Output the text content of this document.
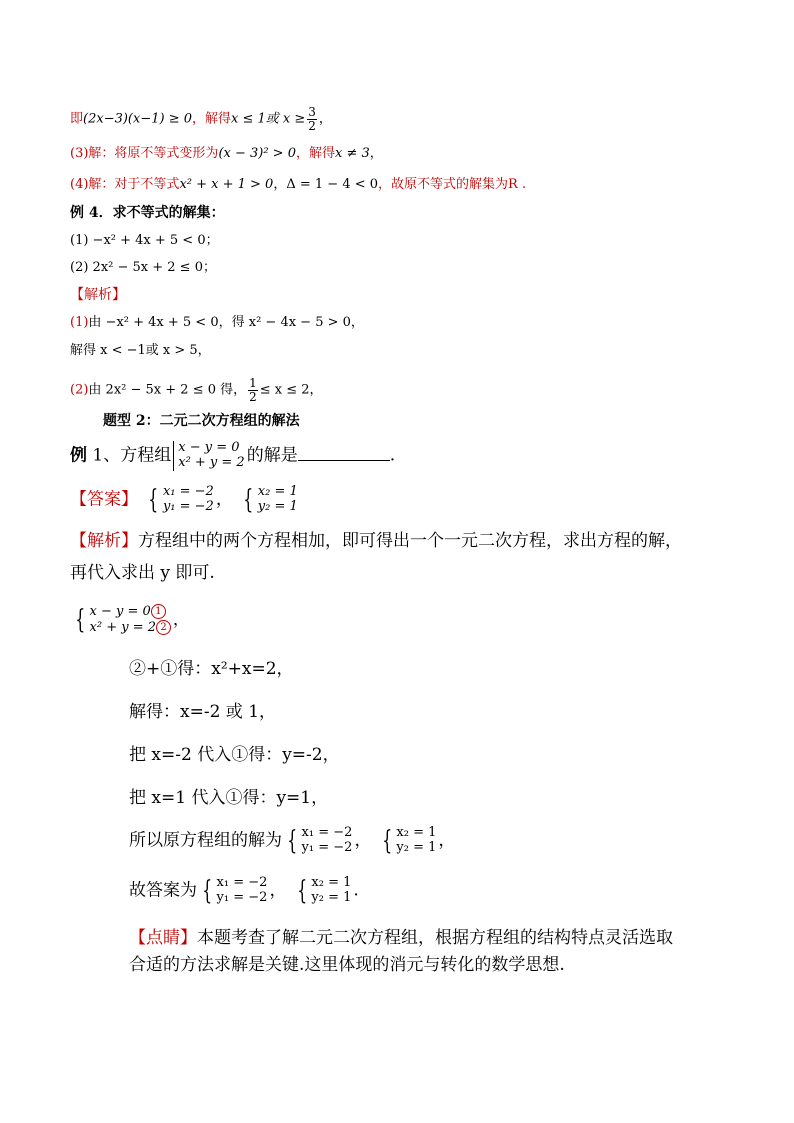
即(2x−3)(x−1) ≥ 0，解得x ≤ 1或 $x \ge \frac{3}{2}$ ，
(3)解：将原不等式变形为(x − 3)² > 0，解得x ≠ 3，
(4)解：对于不等式x² + x + 1 > 0，Δ = 1 − 4 < 0，故原不等式的解集为R .
例 4．求不等式的解集：
(1) −x² + 4x + 5 < 0；
(2) 2x² − 5x + 2 ≤ 0；
【解析】
(1)由 −x² + 4x + 5 < 0，得 x² − 4x − 5 > 0，
解得 x < −1或 x > 5，
(2)由 2x² − 5x + 2 ≤ 0 得， $\frac{1}{2} \le x \le 2$，
题型 2：二元二次方程组的解法
例 1、方程组 x − y = 0
x² + y = 2 的解是	.
【答案】 { x₁ = −2
y₁ = −2 ， { x₂ = 1
y₂ = 1
【解析】方程组中的两个方程相加，即可得出一个一元二次方程，求出方程的解，
再代入求出 y 即可.
{ x − y = 0 1
x² + y = 2 2 ，
②+①得：x²+x=2，
解得：x=-2 或 1，
把 x=-2 代入①得：y=-2，
把 x=1 代入①得：y=1，
所以原方程组的解为 { x₁ = −2
y₁ = −2 ， { x₂ = 1
y₂ = 1 ，
故答案为 { x₁ = −2
y₁ = −2 ， { x₂ = 1
y₂ = 1 .
【点睛】本题考查了解二元二次方程组，根据方程组的结构特点灵活选取
合适的方法求解是关键.这里体现的消元与转化的数学思想.
